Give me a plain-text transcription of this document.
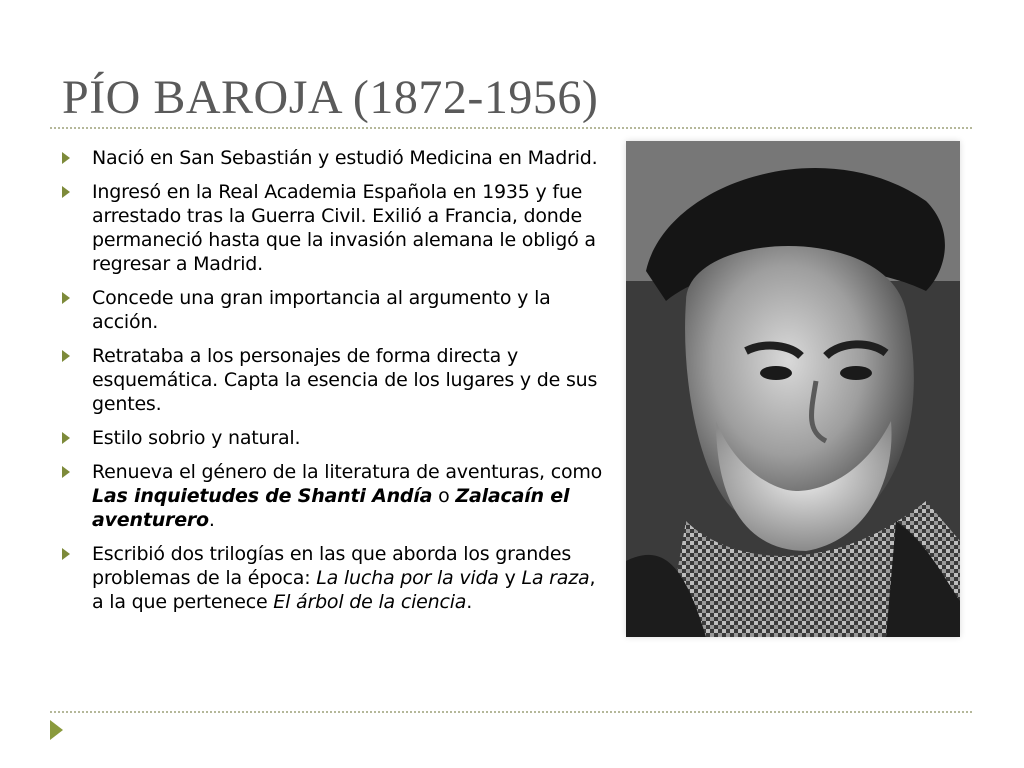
PÍO BAROJA (1872-1956)
Nació en San Sebastián y estudió Medicina en Madrid.
Ingresó en la Real Academia Española en 1935 y fue arrestado tras la Guerra Civil. Exilió a Francia, donde permaneció hasta que la invasión alemana le obligó a regresar a Madrid.
Concede una gran importancia al argumento y la acción.
Retrataba a los personajes de forma directa y esquemática. Capta la esencia de los lugares y de sus gentes.
Estilo sobrio y natural.
Renueva el género de la literatura de aventuras, como Las inquietudes de Shanti Andía o Zalacaín el aventurero.
Escribió dos trilogías en las que aborda los grandes problemas de la época: La lucha por la vida y La raza, a la que pertenece El árbol de la ciencia.
